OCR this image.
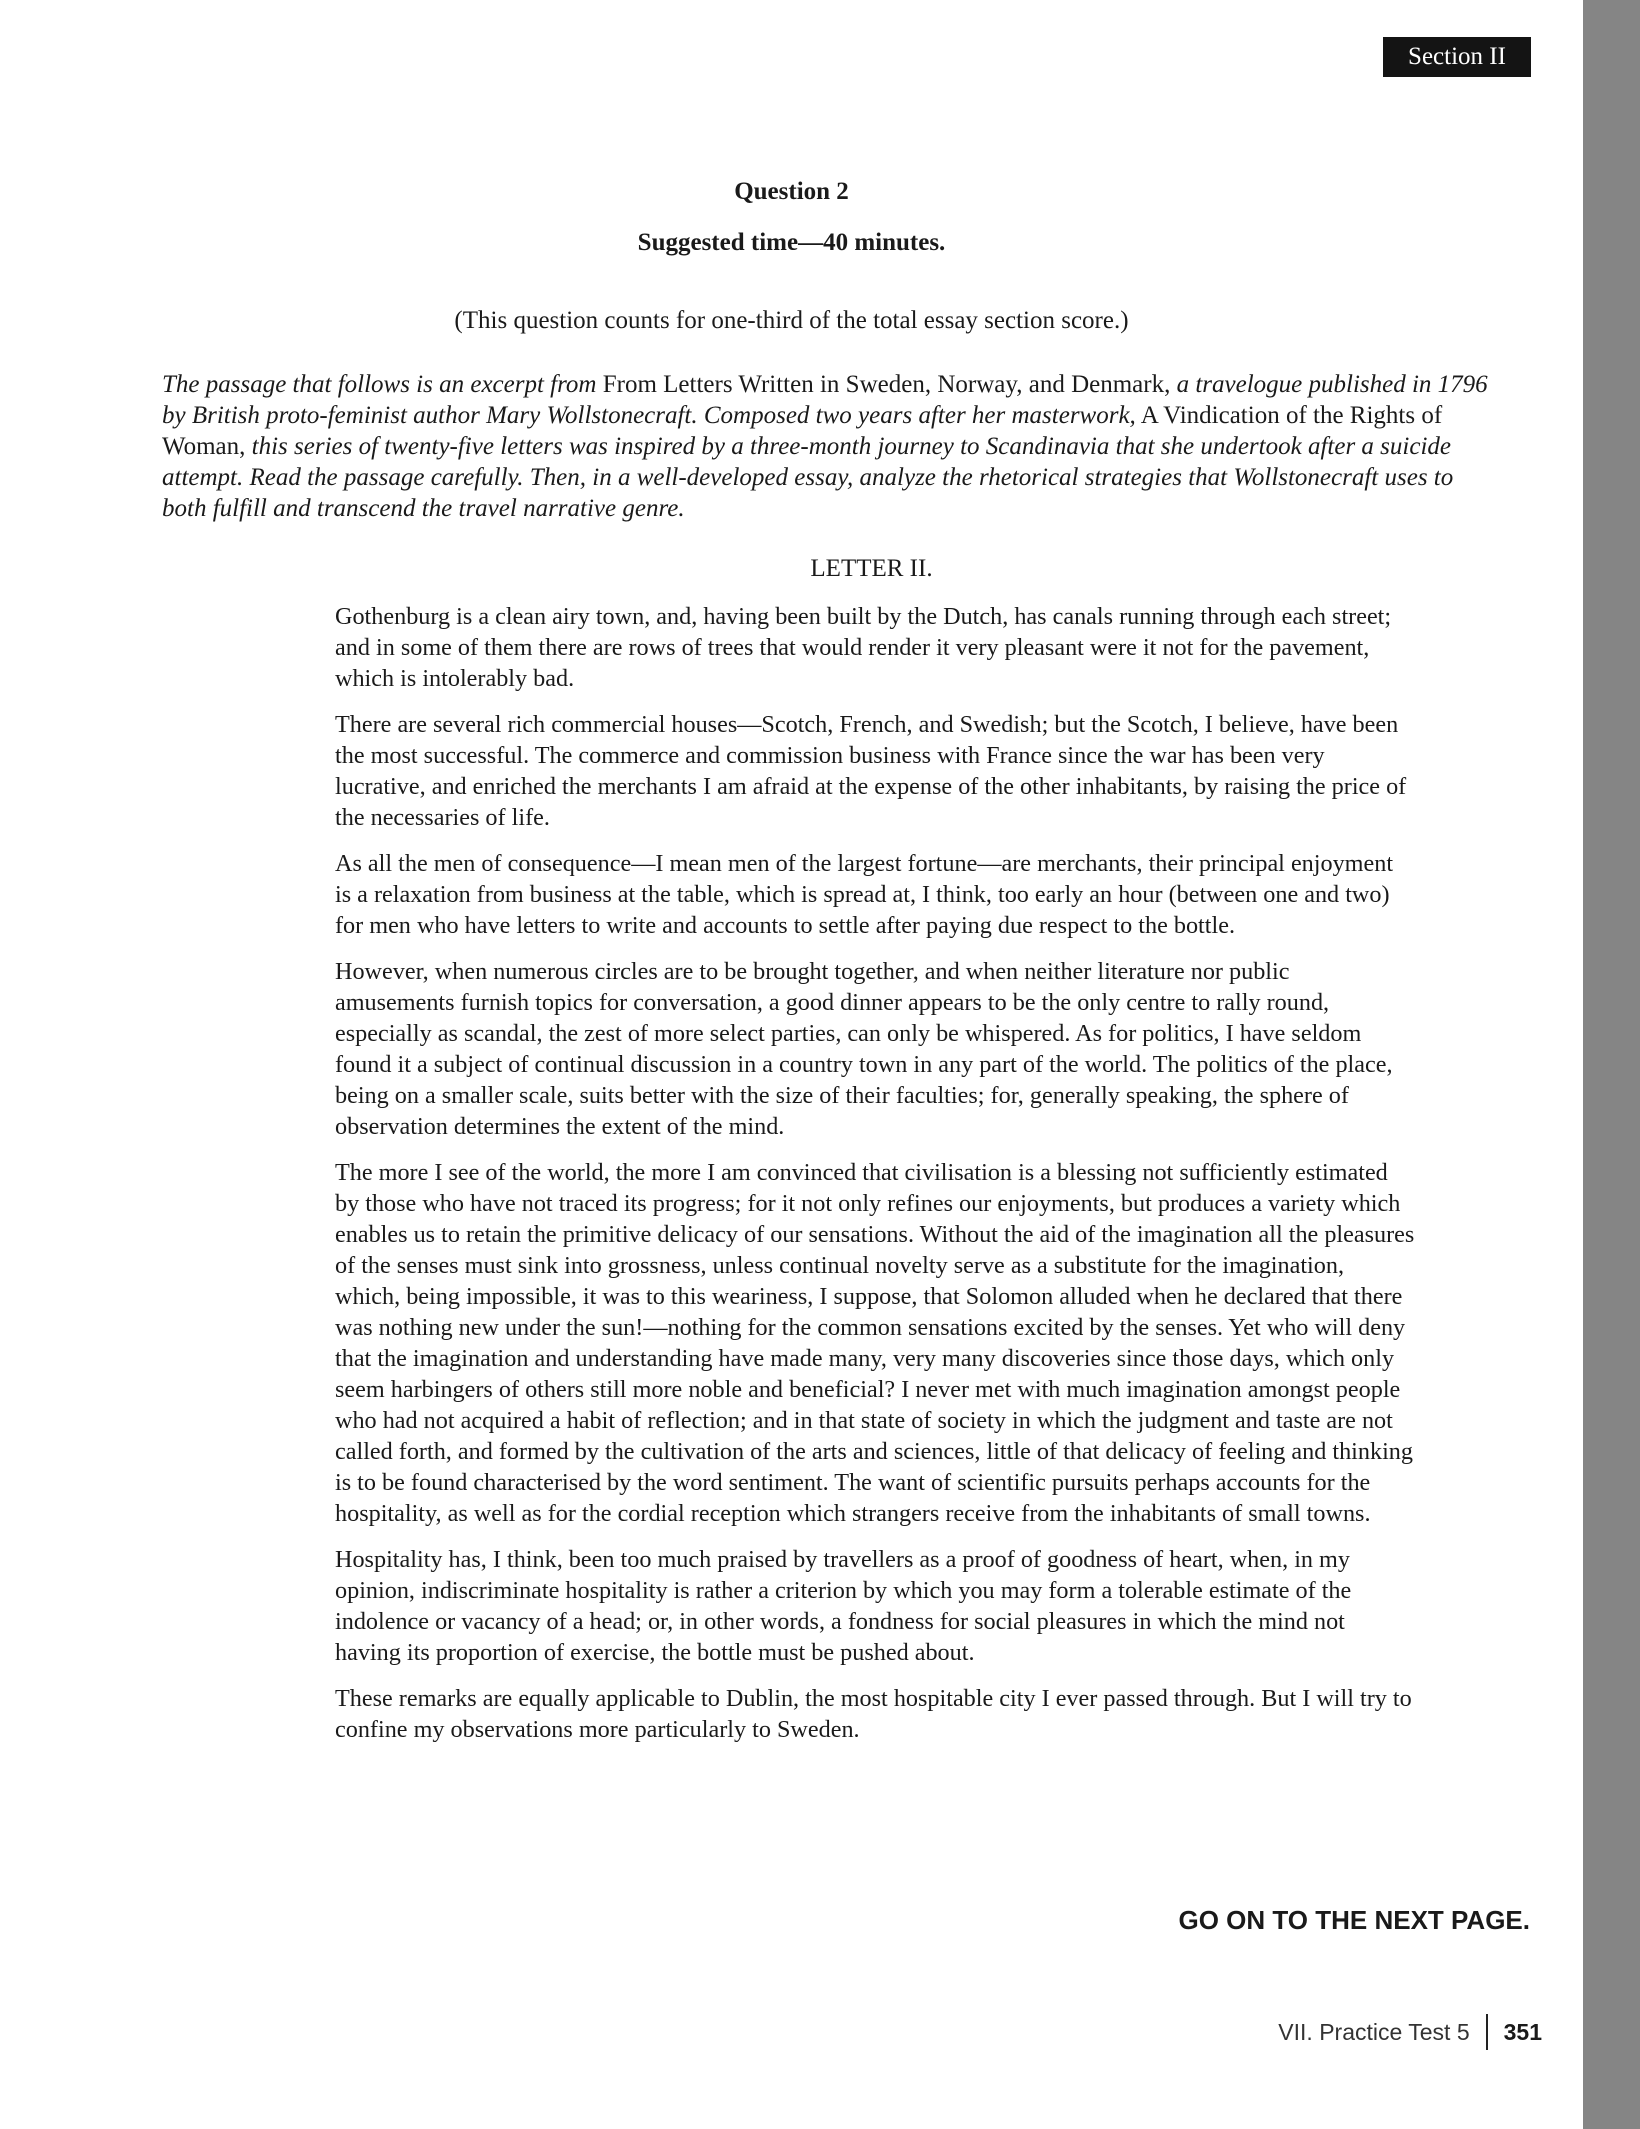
Section II
Question 2
Suggested time—40 minutes.
(This question counts for one-third of the total essay section score.)

The passage that follows is an excerpt from From Letters Written in Sweden, Norway, and Denmark, a travelogue published in 1796 by British proto-feminist author Mary Wollstonecraft. Composed two years after her masterwork, A Vindication of the Rights of Woman, this series of twenty-five letters was inspired by a three-month journey to Scandinavia that she undertook after a suicide attempt. Read the passage carefully. Then, in a well-developed essay, analyze the rhetorical strategies that Wollstonecraft uses to both fulfill and transcend the travel narrative genre.

LETTER II.

Gothenburg is a clean airy town, and, having been built by the Dutch, has canals running through each street; and in some of them there are rows of trees that would render it very pleasant were it not for the pavement, which is intolerably bad.

There are several rich commercial houses—Scotch, French, and Swedish; but the Scotch, I believe, have been the most successful. The commerce and commission business with France since the war has been very lucrative, and enriched the merchants I am afraid at the expense of the other inhabitants, by raising the price of the necessaries of life.

As all the men of consequence—I mean men of the largest fortune—are merchants, their principal enjoyment is a relaxation from business at the table, which is spread at, I think, too early an hour (between one and two) for men who have letters to write and accounts to settle after paying due respect to the bottle.

However, when numerous circles are to be brought together, and when neither literature nor public amusements furnish topics for conversation, a good dinner appears to be the only centre to rally round, especially as scandal, the zest of more select parties, can only be whispered. As for politics, I have seldom found it a subject of continual discussion in a country town in any part of the world. The politics of the place, being on a smaller scale, suits better with the size of their faculties; for, generally speaking, the sphere of observation determines the extent of the mind.

The more I see of the world, the more I am convinced that civilisation is a blessing not sufficiently estimated by those who have not traced its progress; for it not only refines our enjoyments, but produces a variety which enables us to retain the primitive delicacy of our sensations. Without the aid of the imagination all the pleasures of the senses must sink into grossness, unless continual novelty serve as a substitute for the imagination, which, being impossible, it was to this weariness, I suppose, that Solomon alluded when he declared that there was nothing new under the sun!—nothing for the common sensations excited by the senses. Yet who will deny that the imagination and understanding have made many, very many discoveries since those days, which only seem harbingers of others still more noble and beneficial? I never met with much imagination amongst people who had not acquired a habit of reflection; and in that state of society in which the judgment and taste are not called forth, and formed by the cultivation of the arts and sciences, little of that delicacy of feeling and thinking is to be found characterised by the word sentiment. The want of scientific pursuits perhaps accounts for the hospitality, as well as for the cordial reception which strangers receive from the inhabitants of small towns.

Hospitality has, I think, been too much praised by travellers as a proof of goodness of heart, when, in my opinion, indiscriminate hospitality is rather a criterion by which you may form a tolerable estimate of the indolence or vacancy of a head; or, in other words, a fondness for social pleasures in which the mind not having its proportion of exercise, the bottle must be pushed about.

These remarks are equally applicable to Dublin, the most hospitable city I ever passed through. But I will try to confine my observations more particularly to Sweden.

GO ON TO THE NEXT PAGE.
VII. Practice Test 5	351
